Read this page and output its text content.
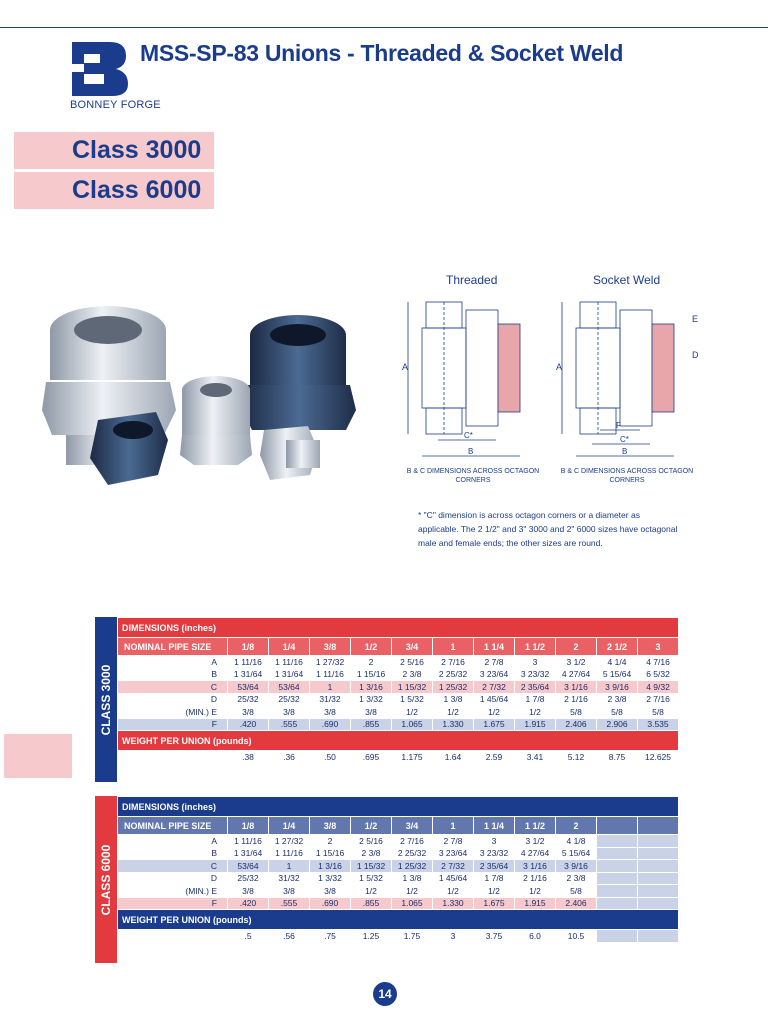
BONNEY FORGE
MSS-SP-83 Unions - Threaded & Socket Weld
Class 3000
Class 6000
Threaded	Socket Weld
A
C*
B
B & C DIMENSIONS ACROSS OCTAGON CORNERS
A
F
C*
B
E
D
B & C DIMENSIONS ACROSS OCTAGON CORNERS
* "C" dimension is across octagon corners or a diameter as applicable. The 2 1/2" and 3" 3000 and 2" 6000 sizes have octagonal male and female ends; the other sizes are round.
CLASS 3000
DIMENSIONS (inches)											
NOMINAL PIPE SIZE	1/8	1/4	3/8	1/2	3/4	1	1 1/4	1 1/2	2	2 1/2	3
A	1 11/16	1 11/16	1 27/32	2	2 5/16	2 7/16	2 7/8	3	3 1/2	4 1/4	4 7/16
B	1 31/64	1 31/64	1 11/16	1 15/16	2 3/8	2 25/32	3 23/64	3 23/32	4 27/64	5 15/64	6 5/32
C	53/64	53/64	1	1 3/16	1 15/32	1 25/32	2 7/32	2 35/64	3 1/16	3 9/16	4 9/32
D	25/32	25/32	31/32	1 3/32	1 5/32	1 3/8	1 45/64	1 7/8	2 1/16	2 3/8	2 7/16
(MIN.) E	3/8	3/8	3/8	3/8	1/2	1/2	1/2	1/2	5/8	5/8	5/8
F	.420	.555	.690	.855	1.065	1.330	1.675	1.915	2.406	2.906	3.535
WEIGHT PER UNION (pounds)											
	.38	.36	.50	.695	1.175	1.64	2.59	3.41	5.12	8.75	12.625
CLASS 6000
DIMENSIONS (inches)											
NOMINAL PIPE SIZE	1/8	1/4	3/8	1/2	3/4	1	1 1/4	1 1/2	2		
A	1 11/16	1 27/32	2	2 5/16	2 7/16	2 7/8	3	3 1/2	4 1/8		
B	1 31/64	1 11/16	1 15/16	2 3/8	2 25/32	3 23/64	3 23/32	4 27/64	5 15/64		
C	53/64	1	1 3/16	1 15/32	1 25/32	2 7/32	2 35/64	3 1/16	3 9/16		
D	25/32	31/32	1 3/32	1 5/32	1 3/8	1 45/64	1 7/8	2 1/16	2 3/8		
(MIN.) E	3/8	3/8	3/8	1/2	1/2	1/2	1/2	1/2	5/8		
F	.420	.555	.690	.855	1.065	1.330	1.675	1.915	2.406		
WEIGHT PER UNION (pounds)											
	.5	.56	.75	1.25	1.75	3	3.75	6.0	10.5		
14
